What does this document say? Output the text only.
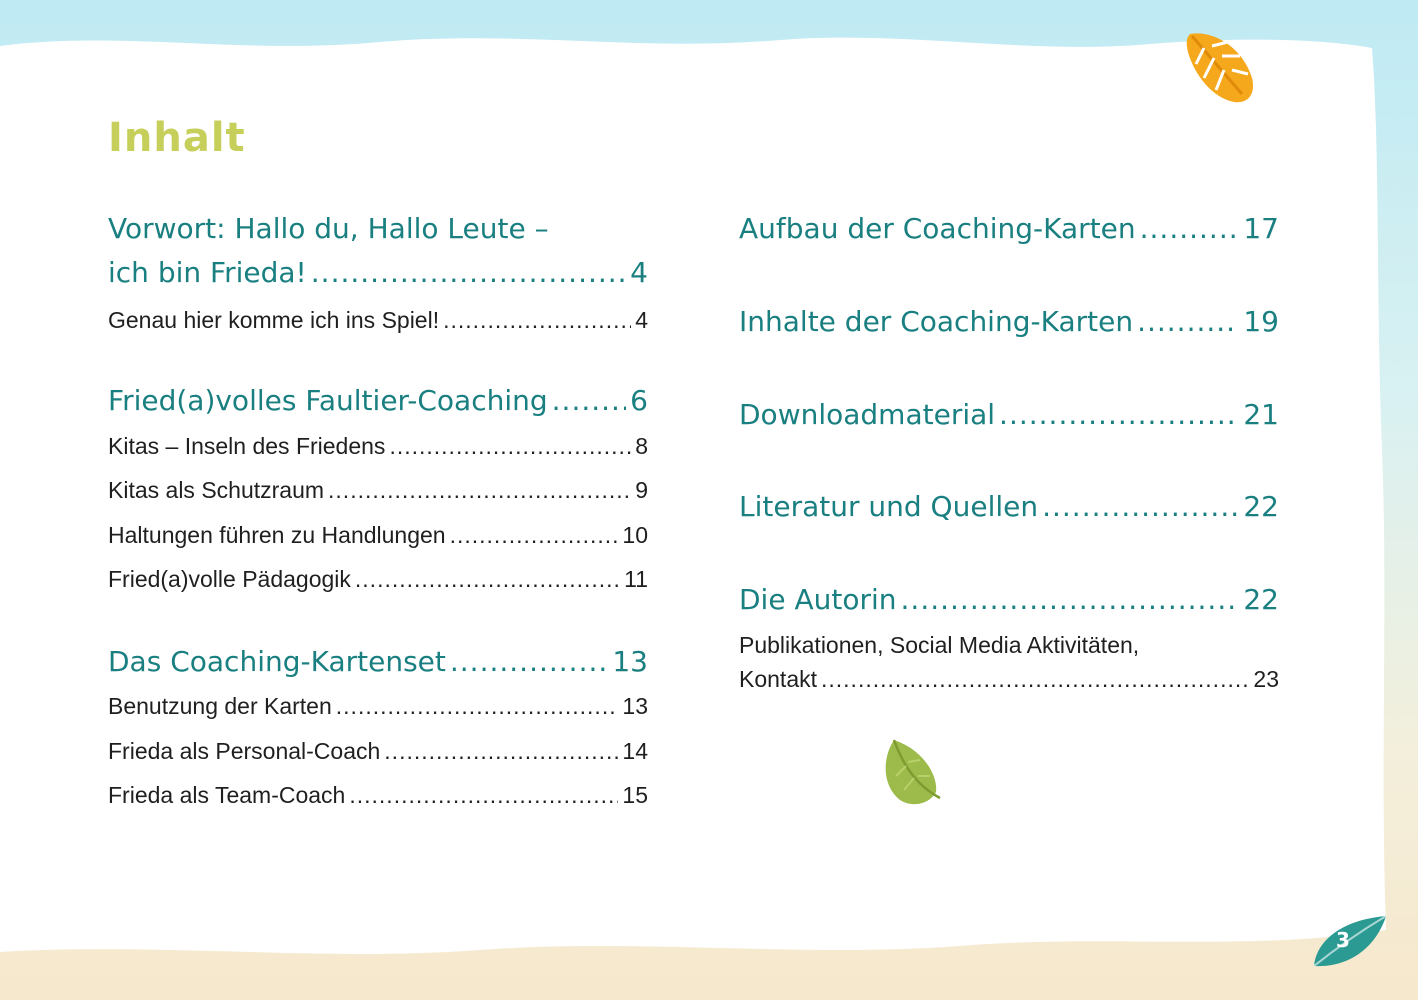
Inhalt
Vorwort: Hallo du, Hallo Leute –
ich bin Frieda! .....	4
Genau hier komme ich ins Spiel! .....	4
Fried(a)volles Faultier-Coaching .....	6
Kitas – Inseln des Friedens .....	8
Kitas als Schutzraum .....	9
Haltungen führen zu Handlungen .....	10
Fried(a)volle Pädagogik .....	11
Das Coaching-Kartenset .....	13
Benutzung der Karten .....	13
Frieda als Personal-Coach .....	14
Frieda als Team-Coach .....	15
Aufbau der Coaching-Karten .....	17
Inhalte der Coaching-Karten .....	19
Downloadmaterial .....	21
Literatur und Quellen .....	22
Die Autorin .....	22
Publikationen, Social Media Aktivitäten,
Kontakt .....	23
3
